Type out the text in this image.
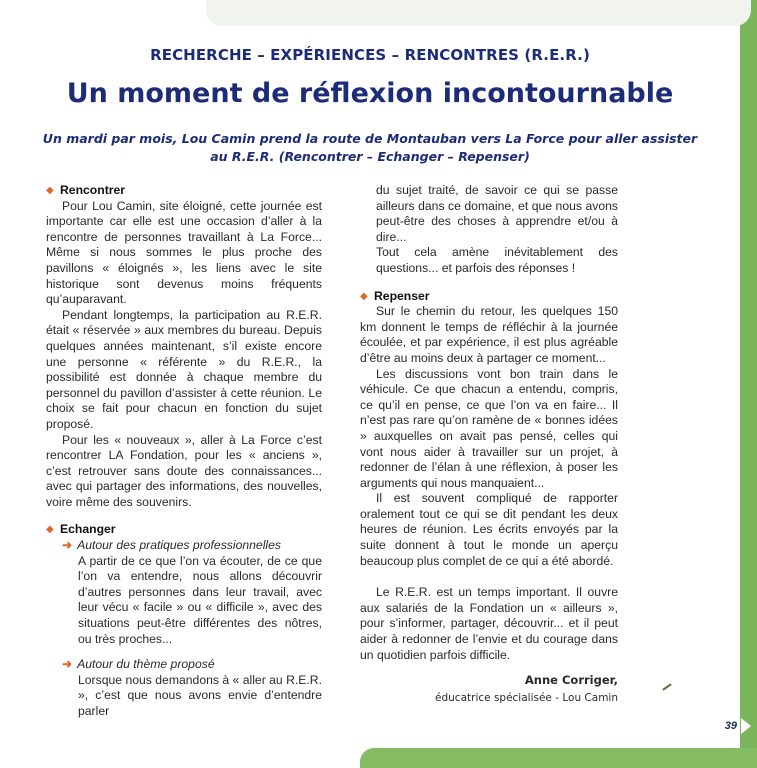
39
RECHERCHE – EXPÉRIENCES – RENCONTRES (R.E.R.)
Un moment de réflexion incontournable
Un mardi par mois, Lou Camin prend la route de Montauban vers La Force pour aller assister au R.E.R. (Rencontrer – Echanger – Repenser)
◆ Rencontrer

Pour Lou Camin, site éloigné, cette journée est importante car elle est une occasion d’aller à la rencontre de personnes travaillant à La Force... Même si nous sommes le plus proche des pavillons « éloignés », les liens avec le site historique sont devenus moins fréquents qu’auparavant.

Pendant longtemps, la participation au R.E.R. était « réservée » aux membres du bureau. Depuis quelques années maintenant, s’il existe encore une personne « référente » du R.E.R., la possibilité est donnée à chaque membre du personnel du pavillon d’assister à cette réunion. Le choix se fait pour chacun en fonction du sujet proposé.

Pour les « nouveaux », aller à La Force c’est rencontrer LA Fondation, pour les « anciens », c’est retrouver sans doute des connaissances... avec qui partager des informations, des nouvelles, voire même des souvenirs.

◆ Echanger
➜ Autour des pratiques professionnelles

A partir de ce que l’on va écouter, de ce que l’on va entendre, nous allons découvrir d’autres personnes dans leur travail, avec leur vécu « facile » ou « difficile », avec des situations peut-être différentes des nôtres, ou très proches...

➜ Autour du thème proposé

Lorsque nous demandons à « aller au R.E.R. », c’est que nous avons envie d’entendre parler

du sujet traité, de savoir ce qui se passe ailleurs dans ce domaine, et que nous avons peut-être des choses à apprendre et/ou à dire...

Tout cela amène inévitablement des questions... et parfois des réponses !

◆ Repenser

Sur le chemin du retour, les quelques 150 km donnent le temps de réfléchir à la journée écoulée, et par expérience, il est plus agréable d’être au moins deux à partager ce moment...

Les discussions vont bon train dans le véhicule. Ce que chacun a entendu, compris, ce qu’il en pense, ce que l’on va en faire... Il n’est pas rare qu’on ramène de « bonnes idées » auxquelles on avait pas pensé, celles qui vont nous aider à travailler sur un projet, à redonner de l’élan à une réflexion, à poser les arguments qui nous manquaient...

Il est souvent compliqué de rapporter oralement tout ce qui se dit pendant les deux heures de réunion. Les écrits envoyés par la suite donnent à tout le monde un aperçu beaucoup plus complet de ce qui a été abordé.

Le R.E.R. est un temps important. Il ouvre aux salariés de la Fondation un « ailleurs », pour s’informer, partager, découvrir... et il peut aider à redonner de l’envie et du courage dans un quotidien parfois difficile.

Anne Corriger,
éducatrice spécialisée - Lou Camin
